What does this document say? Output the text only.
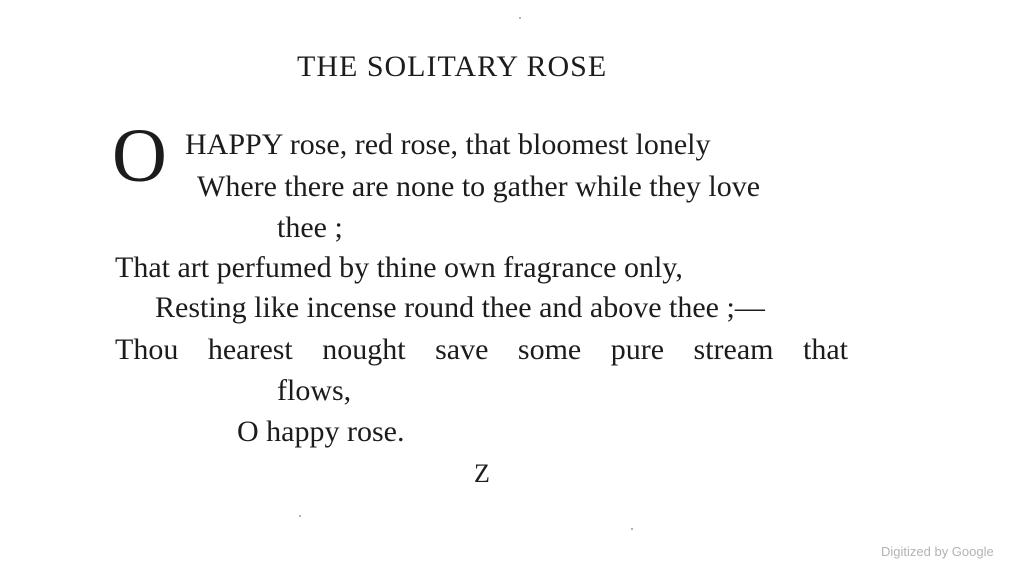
THE SOLITARY ROSE
O HAPPY rose, red rose, that bloomest lonely
Where there are none to gather while they love
thee ;
That art perfumed by thine own fragrance only,
Resting like incense round thee and above thee ;—
Thou hearest nought save some pure stream that
flows,
O happy rose.
Z
Digitized by Google
